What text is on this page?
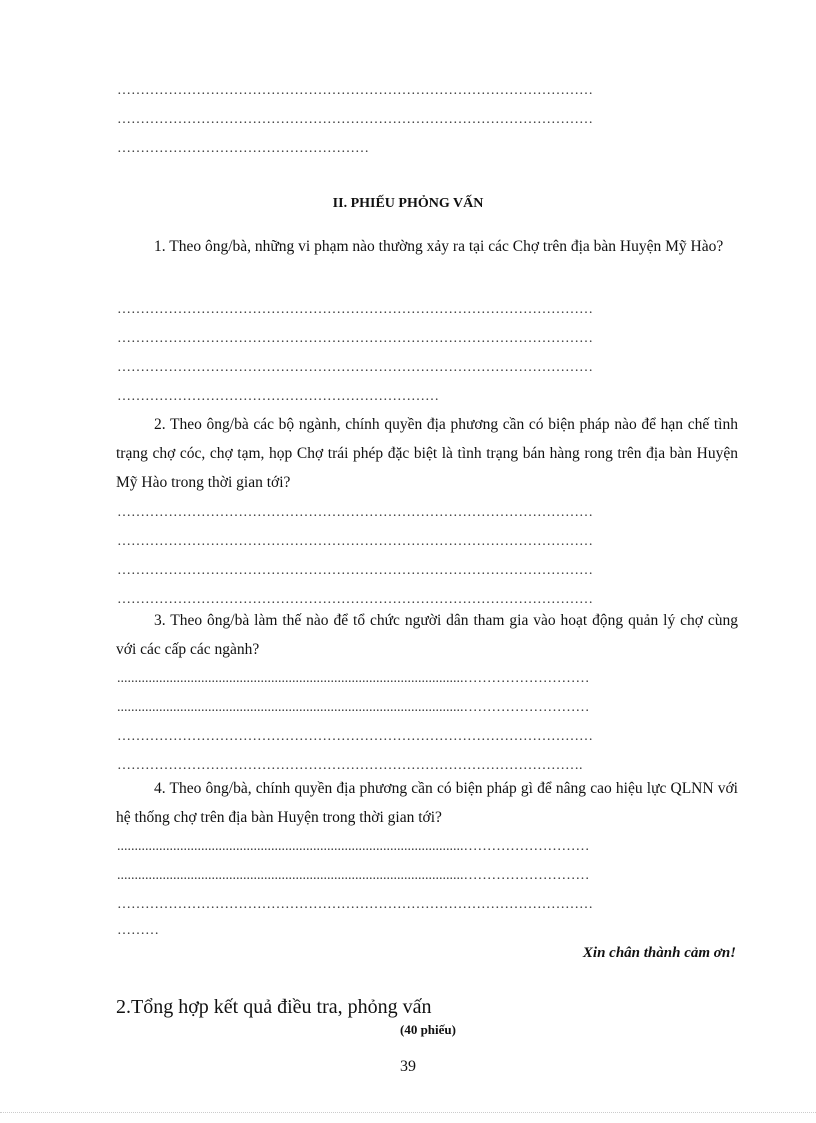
…………………………………………………………………………………………
…………………………………………………………………………………………
………………………………………………
II. PHIẾU PHỎNG VẤN

1. Theo ông/bà, những vi phạm nào thường xảy ra tại các Chợ trên địa bàn Huyện Mỹ Hào?

…………………………………………………………………………………………
…………………………………………………………………………………………
…………………………………………………………………………………………
……………………………………………………………

2. Theo ông/bà các bộ ngành, chính quyền địa phương cần có biện pháp nào để hạn chế tình trạng chợ cóc, chợ tạm, họp Chợ trái phép đặc biệt là tình trạng bán hàng rong trên địa bàn Huyện Mỹ Hào trong thời gian tới?

…………………………………………………………………………………………
…………………………………………………………………………………………
…………………………………………………………………………………………
…………………………………………………………………………………………

3. Theo ông/bà làm thế nào để tổ chức người dân tham gia vào hoạt động quản lý chợ cùng với các cấp các ngành?

...................................................................................................………………………
...................................................................................................………………………
…………………………………………………………………………………………
……………………………………………………………………………………….

4. Theo ông/bà, chính quyền địa phương cần có biện pháp gì để nâng cao hiệu lực QLNN với hệ thống chợ trên địa bàn Huyện trong thời gian tới?

...................................................................................................………………………
...................................................................................................………………………
…………………………………………………………………………………………
………
Xin chân thành cảm ơn!
2.Tổng hợp kết quả điều tra, phỏng vấn
(40 phiếu)
39
